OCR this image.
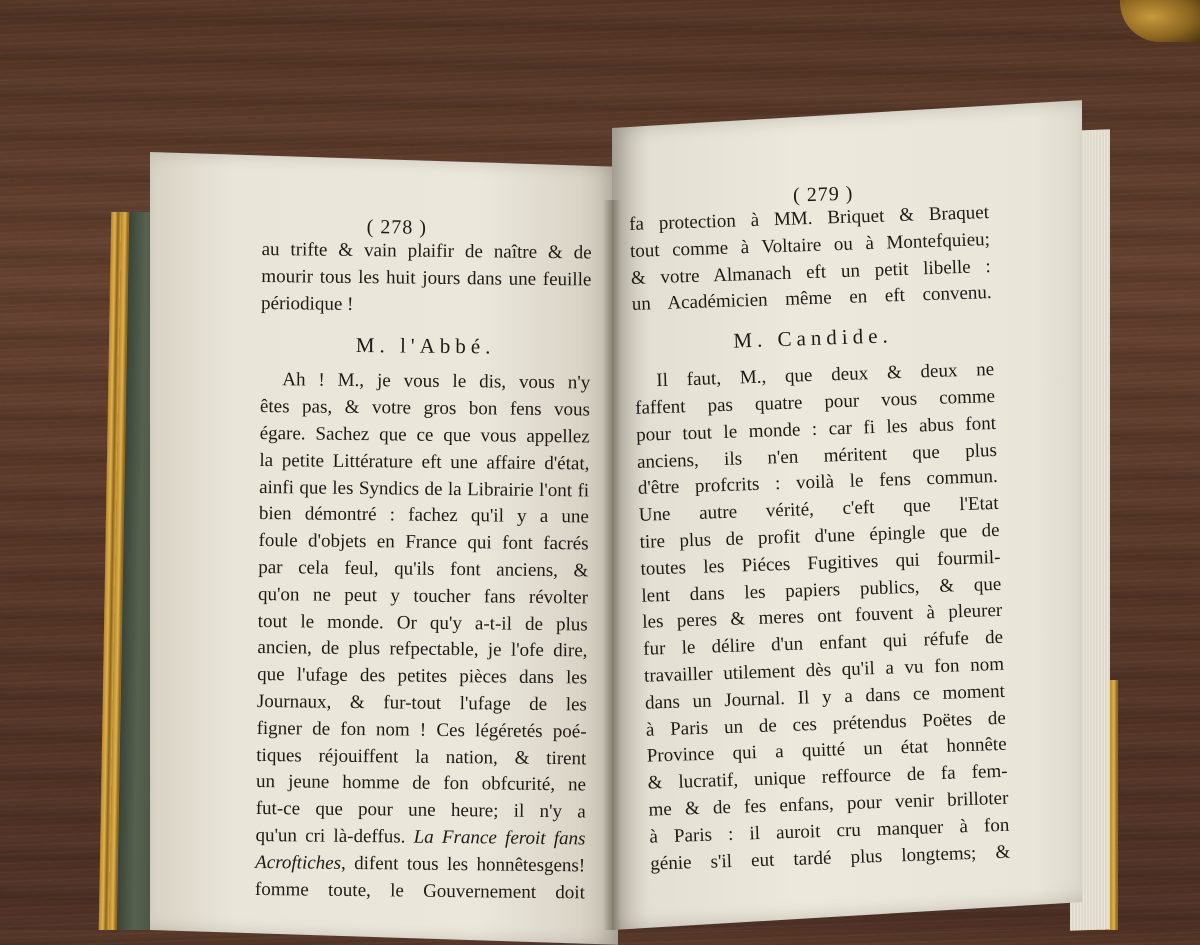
( 278 )
au trifte & vain plaifir de naître & de
mourir tous les huit jours dans une feuille
périodique !
M. l'Abbé.
Ah ! M., je vous le dis, vous n'y
êtes pas, & votre gros bon fens vous
égare. Sachez que ce que vous appellez
la petite Littérature eft une affaire d'état,
ainfi que les Syndics de la Librairie l'ont fi
bien démontré : fachez qu'il y a une
foule d'objets en France qui font facrés
par cela feul, qu'ils font anciens, &
qu'on ne peut y toucher fans révolter
tout le monde. Or qu'y a-t-il de plus
ancien, de plus refpectable, je l'ofe dire,
que l'ufage des petites pièces dans les
Journaux, & fur-tout l'ufage de les
figner de fon nom ! Ces légéretés poé-
tiques réjouiffent la nation, & tirent
un jeune homme de fon obfcurité, ne
fut-ce que pour une heure; il n'y a
qu'un cri là-deffus. La France feroit fans
Acroftiches, difent tous les honnêtesgens!
fomme toute, le Gouvernement doit
( 279 )
fa protection à MM. Briquet & Braquet
tout comme à Voltaire ou à Montefquieu;
& votre Almanach eft un petit libelle :
un Académicien même en eft convenu.
M. Candide.
Il faut, M., que deux & deux ne
faffent pas quatre pour vous comme
pour tout le monde : car fi les abus font
anciens, ils n'en méritent que plus
d'être profcrits : voilà le fens commun.
Une autre vérité, c'eft que l'Etat
tire plus de profit d'une épingle que de
toutes les Piéces Fugitives qui fourmil-
lent dans les papiers publics, & que
les peres & meres ont fouvent à pleurer
fur le délire d'un enfant qui réfufe de
travailler utilement dès qu'il a vu fon nom
dans un Journal. Il y a dans ce moment
à Paris un de ces prétendus Poëtes de
Province qui a quitté un état honnête
& lucratif, unique reffource de fa fem-
me & de fes enfans, pour venir brilloter
à Paris : il auroit cru manquer à fon
génie s'il eut tardé plus longtems; &
